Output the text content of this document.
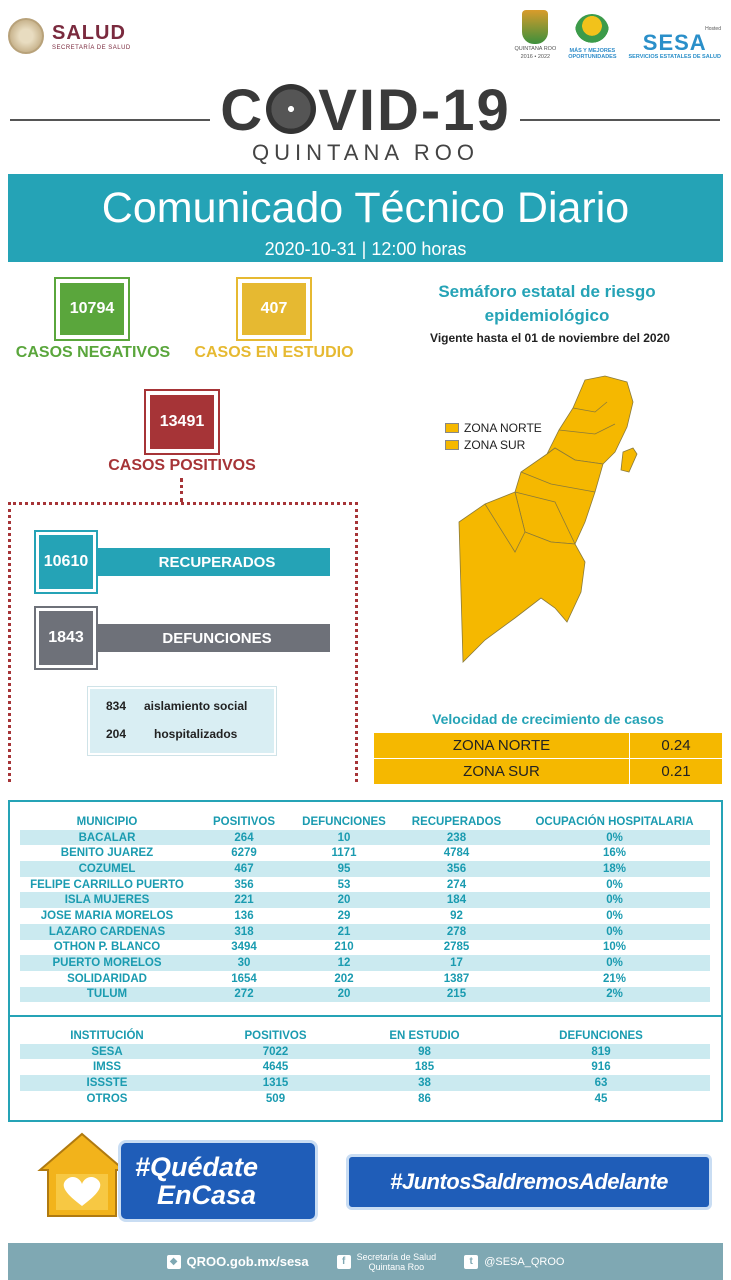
SALUD
SECRETARÍA DE SALUD	QUINTANA ROO
2016 • 2022
MÁS Y MEJORES
OPORTUNIDADES
Hosted
SESA
SERVICIOS ESTATALES DE SALUD
C VID-19
QUINTANA ROO
Comunicado Técnico Diario
2020-10-31 | 12:00 horas
10794
CASOS NEGATIVOS
407
CASOS EN ESTUDIO
13491
CASOS POSITIVOS
RECUPERADOS
10610
DEFUNCIONES
1843
834	aislamiento social
204	hospitalizados
Semáforo estatal de riesgo epidemiológico
Vigente hasta el 01 de noviembre del 2020
ZONA NORTE
ZONA SUR
Velocidad de crecimiento de casos
ZONA NORTE	0.24
ZONA SUR	0.21
MUNICIPIO	POSITIVOS	DEFUNCIONES	RECUPERADOS	OCUPACIÓN HOSPITALARIA
BACALAR	264	10	238	0%
BENITO JUAREZ	6279	1171	4784	16%
COZUMEL	467	95	356	18%
FELIPE CARRILLO PUERTO	356	53	274	0%
ISLA MUJERES	221	20	184	0%
JOSE MARIA MORELOS	136	29	92	0%
LAZARO CARDENAS	318	21	278	0%
OTHON P. BLANCO	3494	210	2785	10%
PUERTO MORELOS	30	12	17	0%
SOLIDARIDAD	1654	202	1387	21%
TULUM	272	20	215	2%
INSTITUCIÓN	POSITIVOS	EN ESTUDIO	DEFUNCIONES
SESA	7022	98	819
IMSS	4645	185	916
ISSSTE	1315	38	63
OTROS	509	86	45
#Quédate
EnCasa	#JuntosSaldremosAdelante
◆ QROO.gob.mx/sesa	f	Secretaría de Salud
Quintana Roo	t	@SESA_QROO
